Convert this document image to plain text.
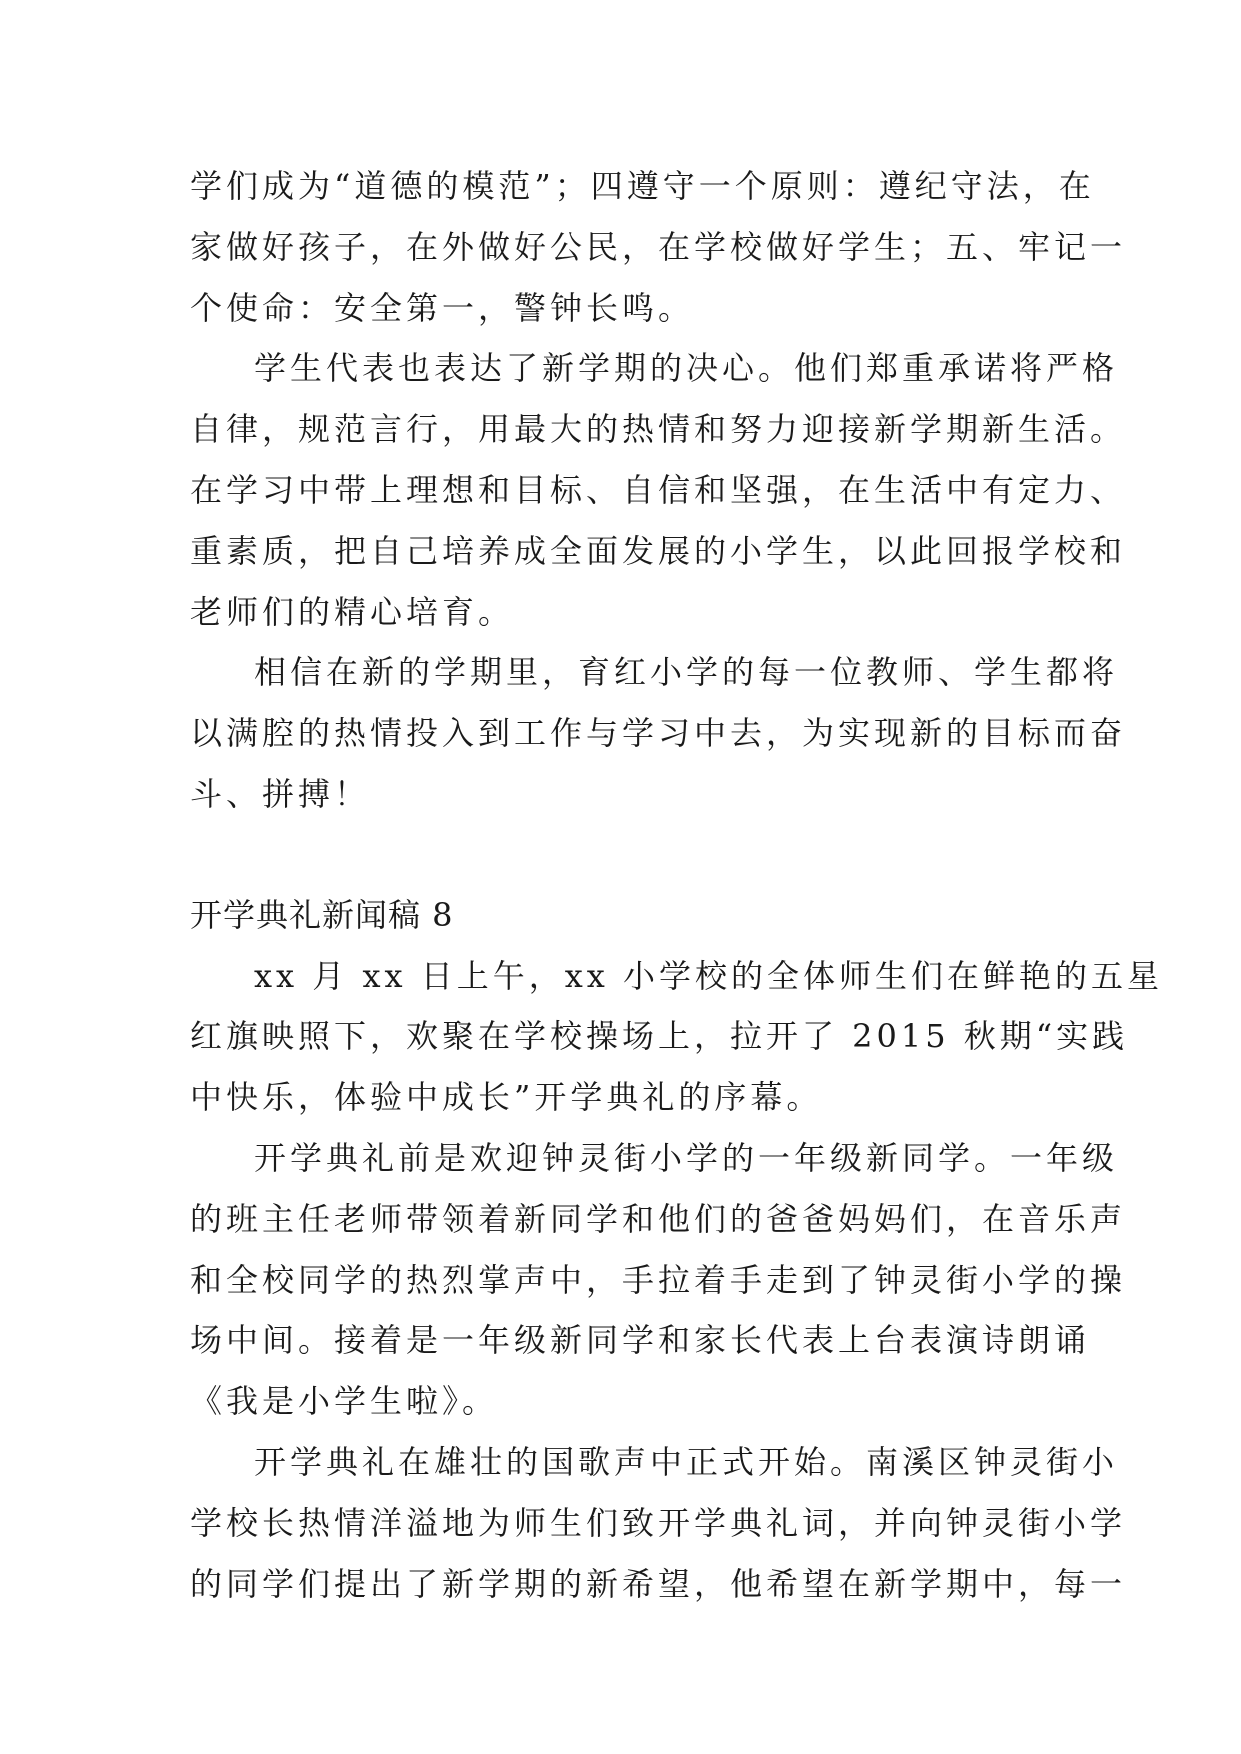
学们成为“道德的模范”；四遵守一个原则：遵纪守法，在
家做好孩子，在外做好公民，在学校做好学生；五、牢记一
个使命：安全第一，警钟长鸣。

学生代表也表达了新学期的决心。他们郑重承诺将严格
自律，规范言行，用最大的热情和努力迎接新学期新生活。
在学习中带上理想和目标、自信和坚强，在生活中有定力、
重素质，把自己培养成全面发展的小学生，以此回报学校和
老师们的精心培育。

相信在新的学期里，育红小学的每一位教师、学生都将
以满腔的热情投入到工作与学习中去，为实现新的目标而奋
斗、拼搏！

开学典礼新闻稿 8

xx 月 xx 日上午，xx 小学校的全体师生们在鲜艳的五星
红旗映照下，欢聚在学校操场上，拉开了 2015 秋期“实践
中快乐，体验中成长”开学典礼的序幕。

开学典礼前是欢迎钟灵街小学的一年级新同学。一年级
的班主任老师带领着新同学和他们的爸爸妈妈们，在音乐声
和全校同学的热烈掌声中，手拉着手走到了钟灵街小学的操
场中间。接着是一年级新同学和家长代表上台表演诗朗诵
《我是小学生啦》。

开学典礼在雄壮的国歌声中正式开始。南溪区钟灵街小
学校长热情洋溢地为师生们致开学典礼词，并向钟灵街小学
的同学们提出了新学期的新希望，他希望在新学期中，每一
